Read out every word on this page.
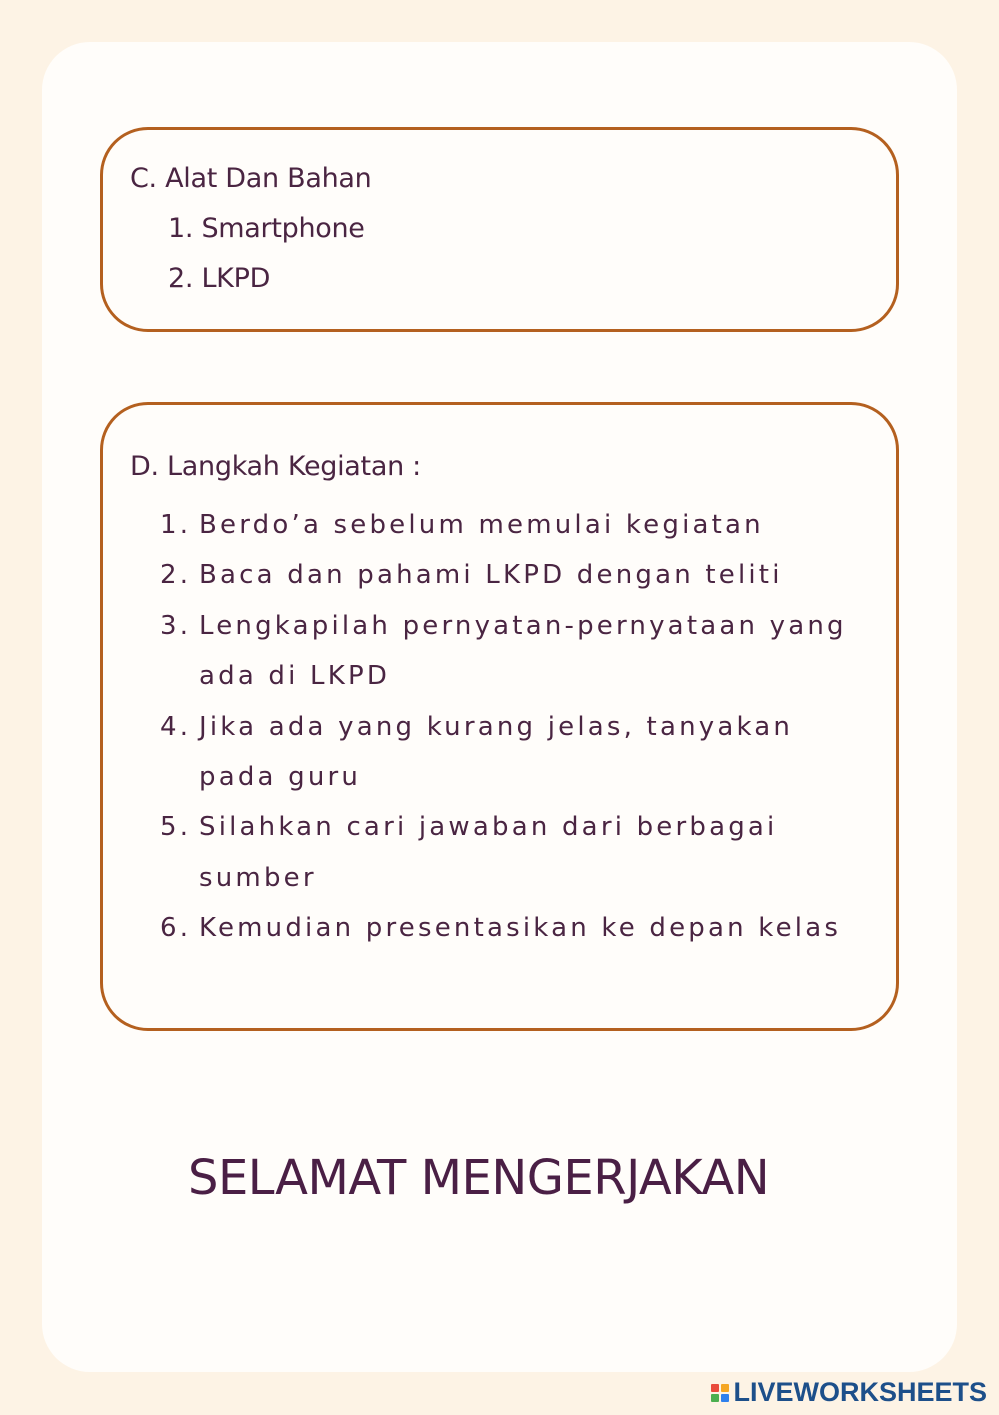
C. Alat Dan Bahan
1. Smartphone
2. LKPD
D. Langkah Kegiatan :
1. Berdo’a sebelum memulai kegiatan
2. Baca dan pahami LKPD dengan teliti
3. Lengkapilah pernyatan-pernyataan yang ada di LKPD
4. Jika ada yang kurang jelas, tanyakan pada guru
5. Silahkan cari jawaban dari berbagai sumber
6. Kemudian presentasikan ke depan kelas
SELAMAT MENGERJAKAN
LIVEWORKSHEETS
